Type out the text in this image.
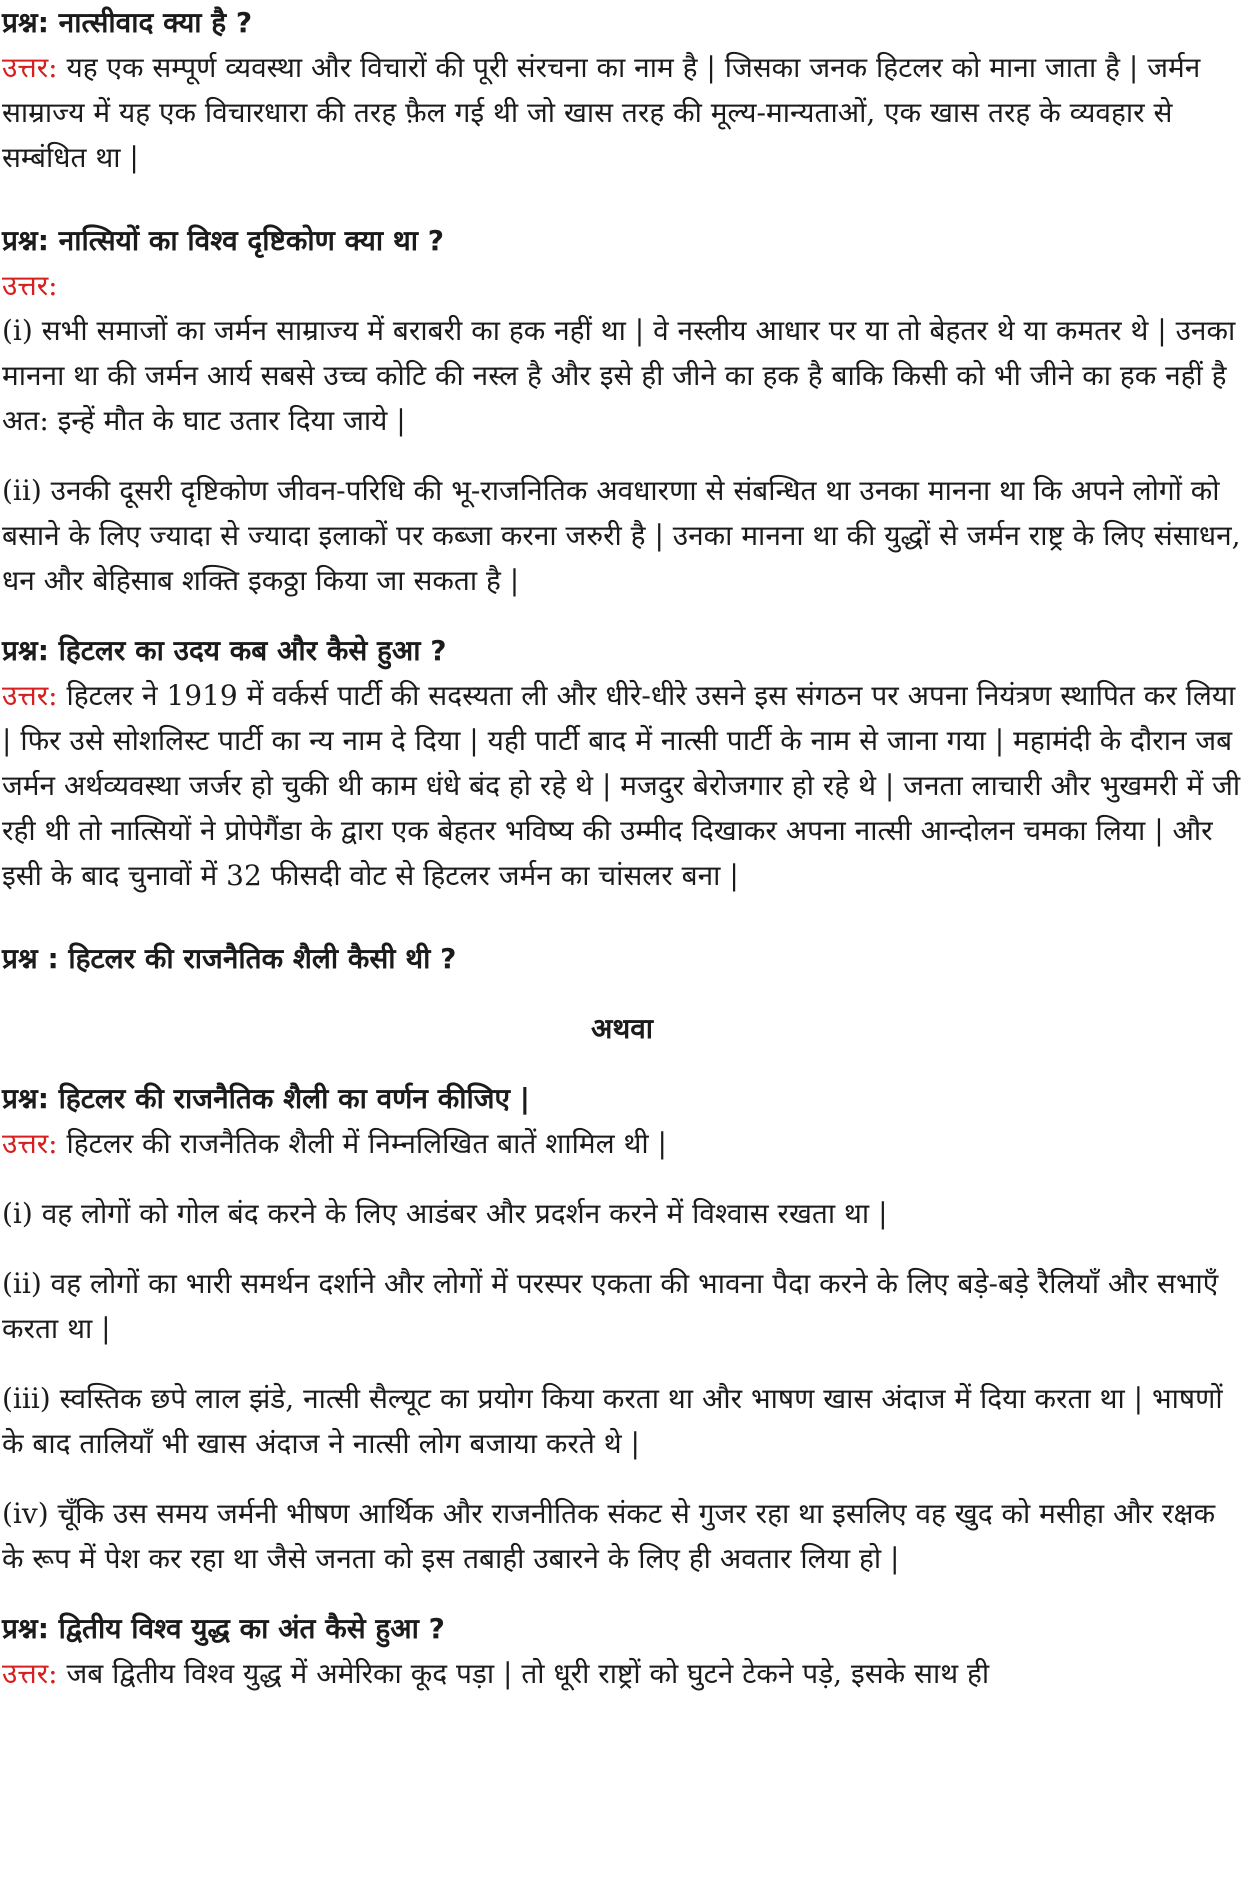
प्रश्न: नात्सीवाद क्या है ?

उत्तर: यह एक सम्पूर्ण व्यवस्था और विचारों की पूरी संरचना का नाम है | जिसका जनक हिटलर को माना जाता है | जर्मन साम्राज्य में यह एक विचारधारा की तरह फ़ैल गई थी जो खास तरह की मूल्य-मान्यताओं, एक खास तरह के व्यवहार से सम्बंधित था |

प्रश्न: नात्सियों का विश्व दृष्टिकोण क्या था ?

उत्तर:

(i) सभी समाजों का जर्मन साम्राज्य में बराबरी का हक नहीं था | वे नस्लीय आधार पर या तो बेहतर थे या कमतर थे | उनका मानना था की जर्मन आर्य सबसे उच्च कोटि की नस्ल है और इसे ही जीने का हक है बाकि किसी को भी जीने का हक नहीं है अत: इन्हें मौत के घाट उतार दिया जाये |

(ii) उनकी दूसरी दृष्टिकोण जीवन-परिधि की भू-राजनितिक अवधारणा से संबन्धित था उनका मानना था कि अपने लोगों को बसाने के लिए ज्यादा से ज्यादा इलाकों पर कब्जा करना जरुरी है | उनका मानना था की युद्धों से जर्मन राष्ट्र के लिए संसाधन, धन और बेहिसाब शक्ति इकठ्ठा किया जा सकता है |

प्रश्न: हिटलर का उदय कब और कैसे हुआ ?

उत्तर: हिटलर ने 1919 में वर्कर्स पार्टी की सदस्यता ली और धीरे-धीरे उसने इस संगठन पर अपना नियंत्रण स्थापित कर लिया | फिर उसे सोशलिस्ट पार्टी का न्य नाम दे दिया | यही पार्टी बाद में नात्सी पार्टी के नाम से जाना गया | महामंदी के दौरान जब जर्मन अर्थव्यवस्था जर्जर हो चुकी थी काम धंधे बंद हो रहे थे | मजदुर बेरोजगार हो रहे थे | जनता लाचारी और भुखमरी में जी रही थी तो नात्सियों ने प्रोपेगैंडा के द्वारा एक बेहतर भविष्य की उम्मीद दिखाकर अपना नात्सी आन्दोलन चमका लिया | और इसी के बाद चुनावों में 32 फीसदी वोट से हिटलर जर्मन का चांसलर बना |

प्रश्न : हिटलर की राजनैतिक शैली कैसी थी ?

अथवा

प्रश्न: हिटलर की राजनैतिक शैली का वर्णन कीजिए |

उत्तर: हिटलर की राजनैतिक शैली में निम्नलिखित बातें शामिल थी |

(i) वह लोगों को गोल बंद करने के लिए आडंबर और प्रदर्शन करने में विश्वास रखता था |

(ii) वह लोगों का भारी समर्थन दर्शाने और लोगों में परस्पर एकता की भावना पैदा करने के लिए बड़े-बड़े रैलियाँ और सभाएँ करता था |

(iii) स्वस्तिक छपे लाल झंडे, नात्सी सैल्यूट का प्रयोग किया करता था और भाषण खास अंदाज में दिया करता था | भाषणों के बाद तालियाँ भी खास अंदाज ने नात्सी लोग बजाया करते थे |

(iv) चूँकि उस समय जर्मनी भीषण आर्थिक और राजनीतिक संकट से गुजर रहा था इसलिए वह खुद को मसीहा और रक्षक के रूप में पेश कर रहा था जैसे जनता को इस तबाही उबारने के लिए ही अवतार लिया हो |

प्रश्न: द्वितीय विश्व युद्ध का अंत कैसे हुआ ?

उत्तर: जब द्वितीय विश्व युद्ध में अमेरिका कूद पड़ा | तो धूरी राष्ट्रों को घुटने टेकने पड़े, इसके साथ ही
